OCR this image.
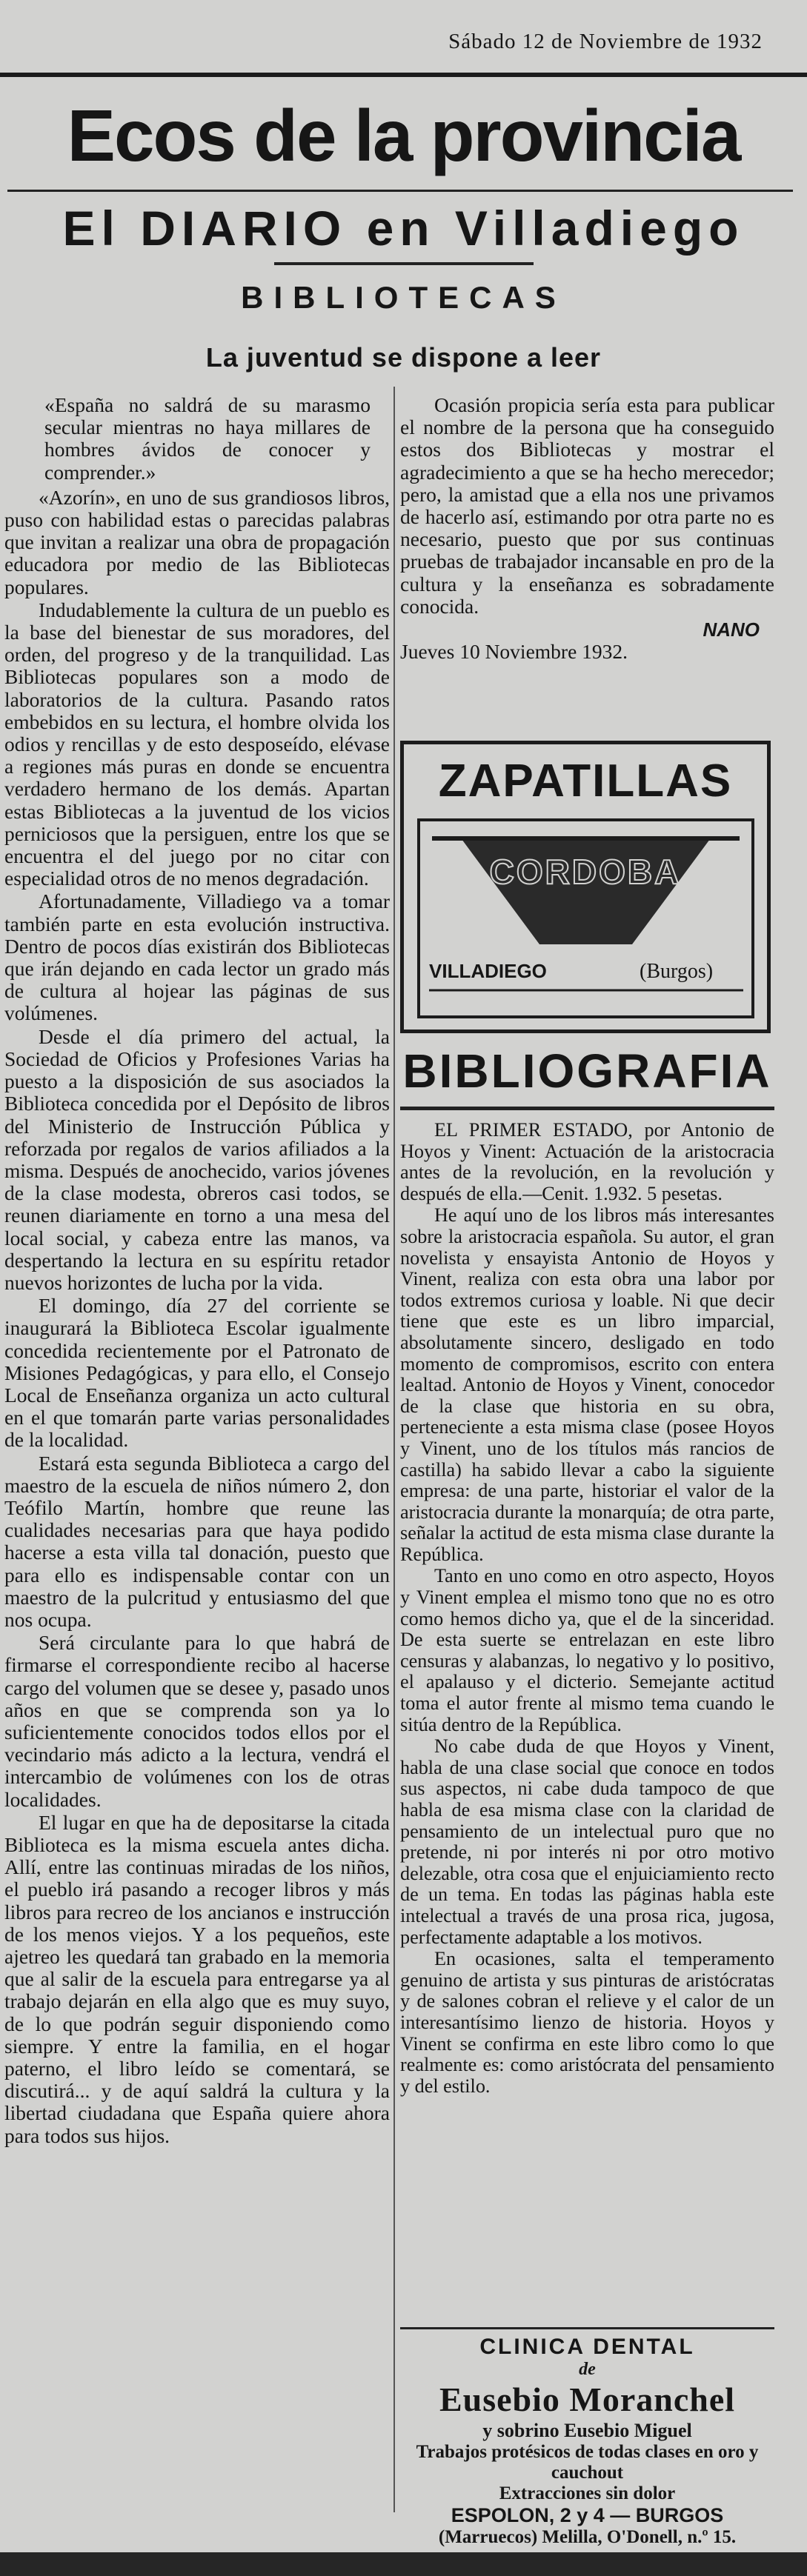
Sábado 12 de Noviembre de 1932
Ecos de la provincia
El DIARIO en Villadiego
BIBLIOTECAS
La juventud se dispone a leer

«España no saldrá de su marasmo secular mientras no haya millares de hombres ávidos de conocer y comprender.»

«Azorín», en uno de sus grandiosos libros, puso con habilidad estas o parecidas palabras que invitan a realizar una obra de propagación educadora por medio de las Bibliotecas populares.

Indudablemente la cultura de un pueblo es la base del bienestar de sus moradores, del orden, del progreso y de la tranquilidad. Las Bibliotecas populares son a modo de laboratorios de la cultura. Pasando ratos embebidos en su lectura, el hombre olvida los odios y rencillas y de esto desposeído, elévase a regiones más puras en donde se encuentra verdadero hermano de los demás. Apartan estas Bibliotecas a la juventud de los vicios perniciosos que la persiguen, entre los que se encuentra el del juego por no citar con especialidad otros de no menos degradación.

Afortunadamente, Villadiego va a tomar también parte en esta evolución instructiva. Dentro de pocos días existirán dos Bibliotecas que irán dejando en cada lector un grado más de cultura al hojear las páginas de sus volúmenes.

Desde el día primero del actual, la Sociedad de Oficios y Profesiones Varias ha puesto a la disposición de sus asociados la Biblioteca concedida por el Depósito de libros del Ministerio de Instrucción Pública y reforzada por regalos de varios afiliados a la misma. Después de anochecido, varios jóvenes de la clase modesta, obreros casi todos, se reunen diariamente en torno a una mesa del local social, y cabeza entre las manos, va despertando la lectura en su espíritu retador nuevos horizontes de lucha por la vida.

El domingo, día 27 del corriente se inaugurará la Biblioteca Escolar igualmente concedida recientemente por el Patronato de Misiones Pedagógicas, y para ello, el Consejo Local de Enseñanza organiza un acto cultural en el que tomarán parte varias personalidades de la localidad.

Estará esta segunda Biblioteca a cargo del maestro de la escuela de niños número 2, don Teófilo Martín, hombre que reune las cualidades necesarias para que haya podido hacerse a esta villa tal donación, puesto que para ello es indispensable contar con un maestro de la pulcritud y entusiasmo del que nos ocupa.

Será circulante para lo que habrá de firmarse el correspondiente recibo al hacerse cargo del volumen que se desee y, pasado unos años en que se comprenda son ya lo suficientemente conocidos todos ellos por el vecindario más adicto a la lectura, vendrá el intercambio de volúmenes con los de otras localidades.

El lugar en que ha de depositarse la citada Biblioteca es la misma escuela antes dicha. Allí, entre las continuas miradas de los niños, el pueblo irá pasando a recoger libros y más libros para recreo de los ancianos e instrucción de los menos viejos. Y a los pequeños, este ajetreo les quedará tan grabado en la memoria que al salir de la escuela para entregarse ya al trabajo dejarán en ella algo que es muy suyo, de lo que podrán seguir disponiendo como siempre. Y entre la familia, en el hogar paterno, el libro leído se comentará, se discutirá... y de aquí saldrá la cultura y la libertad ciudadana que España quiere ahora para todos sus hijos.

Ocasión propicia sería esta para publicar el nombre de la persona que ha conseguido estos dos Bibliotecas y mostrar el agradecimiento a que se ha hecho merecedor; pero, la amistad que a ella nos une privamos de hacerlo así, estimando por otra parte no es necesario, puesto que por sus continuas pruebas de trabajador incansable en pro de la cultura y la enseñanza es sobradamente conocida.

NANO

Jueves 10 Noviembre 1932.

ZAPATILLAS
CORDOBA
VILLADIEGO	(Burgos)
BIBLIOGRAFIA

EL PRIMER ESTADO, por Antonio de Hoyos y Vinent: Actuación de la aristocracia antes de la revolución, en la revolución y después de ella.—Cenit. 1.932. 5 pesetas.

He aquí uno de los libros más interesantes sobre la aristocracia española. Su autor, el gran novelista y ensayista Antonio de Hoyos y Vinent, realiza con esta obra una labor por todos extremos curiosa y loable. Ni que decir tiene que este es un libro imparcial, absolutamente sincero, desligado en todo momento de compromisos, escrito con entera lealtad. Antonio de Hoyos y Vinent, conocedor de la clase que historia en su obra, perteneciente a esta misma clase (posee Hoyos y Vinent, uno de los títulos más rancios de castilla) ha sabido llevar a cabo la siguiente empresa: de una parte, historiar el valor de la aristocracia durante la monarquía; de otra parte, señalar la actitud de esta misma clase durante la República.

Tanto en uno como en otro aspecto, Hoyos y Vinent emplea el mismo tono que no es otro como hemos dicho ya, que el de la sinceridad. De esta suerte se entrelazan en este libro censuras y alabanzas, lo negativo y lo positivo, el apalauso y el dicterio. Semejante actitud toma el autor frente al mismo tema cuando le sitúa dentro de la República.

No cabe duda de que Hoyos y Vinent, habla de una clase social que conoce en todos sus aspectos, ni cabe duda tampoco de que habla de esa misma clase con la claridad de pensamiento de un intelectual puro que no pretende, ni por interés ni por otro motivo delezable, otra cosa que el enjuiciamiento recto de un tema. En todas las páginas habla este intelectual a través de una prosa rica, jugosa, perfectamente adaptable a los motivos.

En ocasiones, salta el temperamento genuino de artista y sus pinturas de aristócratas y de salones cobran el relieve y el calor de un interesantísimo lienzo de historia. Hoyos y Vinent se confirma en este libro como lo que realmente es: como aristócrata del pensamiento y del estilo.

CLINICA DENTAL
de
Eusebio Moranchel
y sobrino Eusebio Miguel
Trabajos protésicos de todas clases en oro y cauchout
Extracciones sin dolor
ESPOLON, 2 y 4 — BURGOS
(Marruecos) Melilla, O'Donell, n.º 15.
